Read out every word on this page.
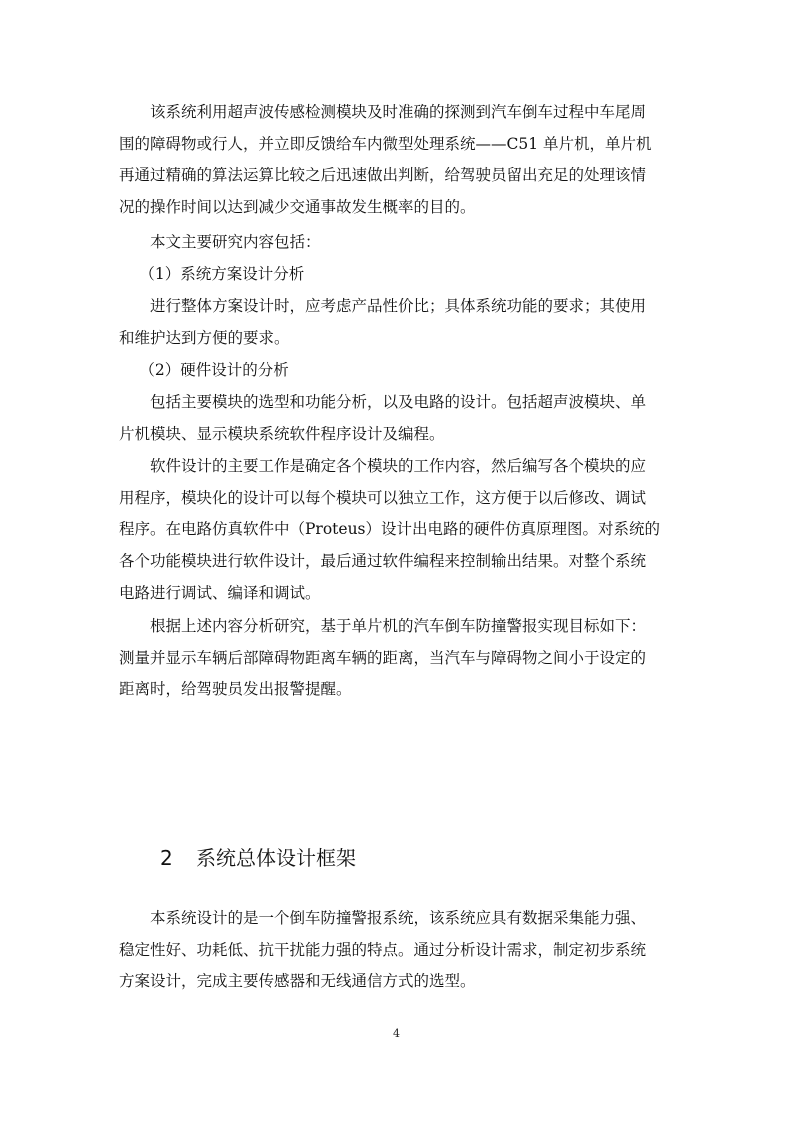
　　该系统利用超声波传感检测模块及时准确的探测到汽车倒车过程中车尾周
围的障碍物或行人，并立即反馈给车内微型处理系统——C51 单片机，单片机
再通过精确的算法运算比较之后迅速做出判断，给驾驶员留出充足的处理该情
况的操作时间以达到减少交通事故发生概率的目的。
　　本文主要研究内容包括：
　 （1）系统方案设计分析
　　进行整体方案设计时，应考虑产品性价比；具体系统功能的要求；其使用
和维护达到方便的要求。
　 （2）硬件设计的分析
　　包括主要模块的选型和功能分析，以及电路的设计。包括超声波模块、单
片机模块、显示模块系统软件程序设计及编程。
　　软件设计的主要工作是确定各个模块的工作内容，然后编写各个模块的应
用程序，模块化的设计可以每个模块可以独立工作，这方便于以后修改、调试
程序。在电路仿真软件中（Proteus）设计出电路的硬件仿真原理图。对系统的
各个功能模块进行软件设计，最后通过软件编程来控制输出结果。对整个系统
电路进行调试、编译和调试。
　　根据上述内容分析研究，基于单片机的汽车倒车防撞警报实现目标如下：
测量并显示车辆后部障碍物距离车辆的距离，当汽车与障碍物之间小于设定的
距离时，给驾驶员发出报警提醒。
2 系统总体设计框架
　　本系统设计的是一个倒车防撞警报系统，该系统应具有数据采集能力强、
稳定性好、功耗低、抗干扰能力强的特点。通过分析设计需求，制定初步系统
方案设计，完成主要传感器和无线通信方式的选型。
4
